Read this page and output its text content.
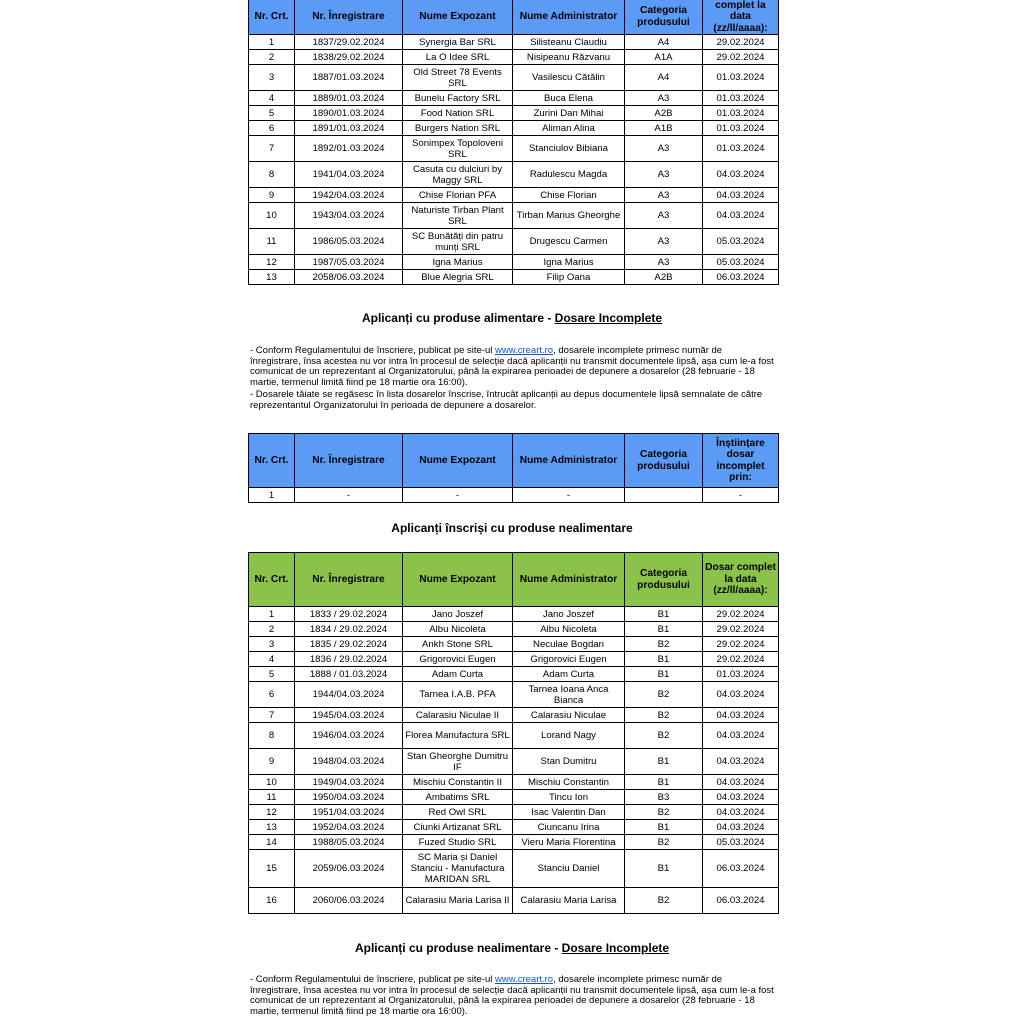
Nr. Crt.	Nr. Înregistrare	Nume Expozant	Nume Administrator	Categoria produsului	complet la data (zz/ll/aaaa):
1	1837/29.02.2024	Synergia Bar SRL	Silisteanu Claudiu	A4	29.02.2024
2	1838/29.02.2024	La O Idee SRL	Nisipeanu Răzvanu	A1A	29.02.2024
3	1887/01.03.2024	Old Street 78 Events SRL	Vasilescu Cătălin	A4	01.03.2024
4	1889/01.03.2024	Bunelu Factory SRL	Buca Elena	A3	01.03.2024
5	1890/01.03.2024	Food Nation SRL	Zurini Dan Mihai	A2B	01.03.2024
6	1891/01.03.2024	Burgers Nation SRL	Aliman Alina	A1B	01.03.2024
7	1892/01.03.2024	Sonimpex Topoloveni SRL	Stanciulov Bibiana	A3	01.03.2024
8	1941/04.03.2024	Casuta cu dulciuri by Maggy SRL	Radulescu Magda	A3	04.03.2024
9	1942/04.03.2024	Chise Florian PFA	Chise Florian	A3	04.03.2024
10	1943/04.03.2024	Naturiste Tirban Plant SRL	Tirban Marius Gheorghe	A3	04.03.2024
11	1986/05.03.2024	SC Bunătăți din patru munți SRL	Drugescu Carmen	A3	05.03.2024
12	1987/05.03.2024	Igna Marius	Igna Marius	A3	05.03.2024
13	2058/06.03.2024	Blue Alegria SRL	Filip Oana	A2B	06.03.2024
Aplicanți cu produse alimentare - Dosare Incomplete

- Conform Regulamentului de înscriere, publicat pe site-ul www.creart.ro, dosarele incomplete primesc număr de înregistrare, însa acestea nu vor intra în procesul de selecție dacă aplicanții nu transmit documentele lipsă, așa cum le-a fost comunicat de un reprezentant al Organizatorului, până la expirarea perioadei de depunere a dosarelor (28 februarie - 18 martie, termenul limită fiind pe 18 martie ora 16:00).

- Dosarele tăiate se regăsesc în lista dosarelor înscrise, întrucât aplicanții au depus documentele lipsă semnalate de către reprezentantul Organizatorului în perioada de depunere a dosarelor.

Nr. Crt.	Nr. Înregistrare	Nume Expozant	Nume Administrator	Categoria produsului	Înștiințare dosar incomplet prin:
1	-	-	-		-
Aplicanți înscriși cu produse nealimentare
Nr. Crt.	Nr. Înregistrare	Nume Expozant	Nume Administrator	Categoria produsului	Dosar complet la data (zz/ll/aaaa):
1	1833 / 29.02.2024	Jano Joszef	Jano Joszef	B1	29.02.2024
2	1834 / 29.02.2024	Albu Nicoleta	Albu Nicoleta	B1	29.02.2024
3	1835 / 29.02.2024	Ankh Stone SRL	Neculae Bogdan	B2	29.02.2024
4	1836 / 29.02.2024	Grigorovici Eugen	Grigorovici Eugen	B1	29.02.2024
5	1888 / 01.03.2024	Adam Curta	Adam Curta	B1	01.03.2024
6	1944/04.03.2024	Tarnea I.A.B. PFA	Tarnea Ioana Anca Bianca	B2	04.03.2024
7	1945/04.03.2024	Calarasiu Niculae II	Calarasiu Niculae	B2	04.03.2024
8	1946/04.03.2024	Florea Manufactura SRL	Lorand Nagy	B2	04.03.2024
9	1948/04.03.2024	Stan Gheorghe Dumitru IF	Stan Dumitru	B1	04.03.2024
10	1949/04.03.2024	Mischiu Constantin II	Mischiu Constantin	B1	04.03.2024
11	1950/04.03.2024	Ambatims SRL	Tincu Ion	B3	04.03.2024
12	1951/04.03.2024	Red Owl SRL	Isac Valentin Dan	B2	04.03.2024
13	1952/04.03.2024	Ciunki Artizanat SRL	Ciuncanu Irina	B1	04.03.2024
14	1988/05.03.2024	Fuzed Studio SRL	Vieru Maria Florentina	B2	05.03.2024
15	2059/06.03.2024	SC Maria și Daniel Stanciu - Manufactura MARIDAN SRL	Stanciu Daniel	B1	06.03.2024
16	2060/06.03.2024	Calarasiu Maria Larisa II	Calarasiu Maria Larisa	B2	06.03.2024
Aplicanți cu produse nealimentare - Dosare Incomplete

- Conform Regulamentului de înscriere, publicat pe site-ul www.creart.ro, dosarele incomplete primesc număr de înregistrare, însa acestea nu vor intra în procesul de selecție dacă aplicanții nu transmit documentele lipsă, așa cum le-a fost comunicat de un reprezentant al Organizatorului, până la expirarea perioadei de depunere a dosarelor (28 februarie - 18 martie, termenul limită fiind pe 18 martie ora 16:00).
